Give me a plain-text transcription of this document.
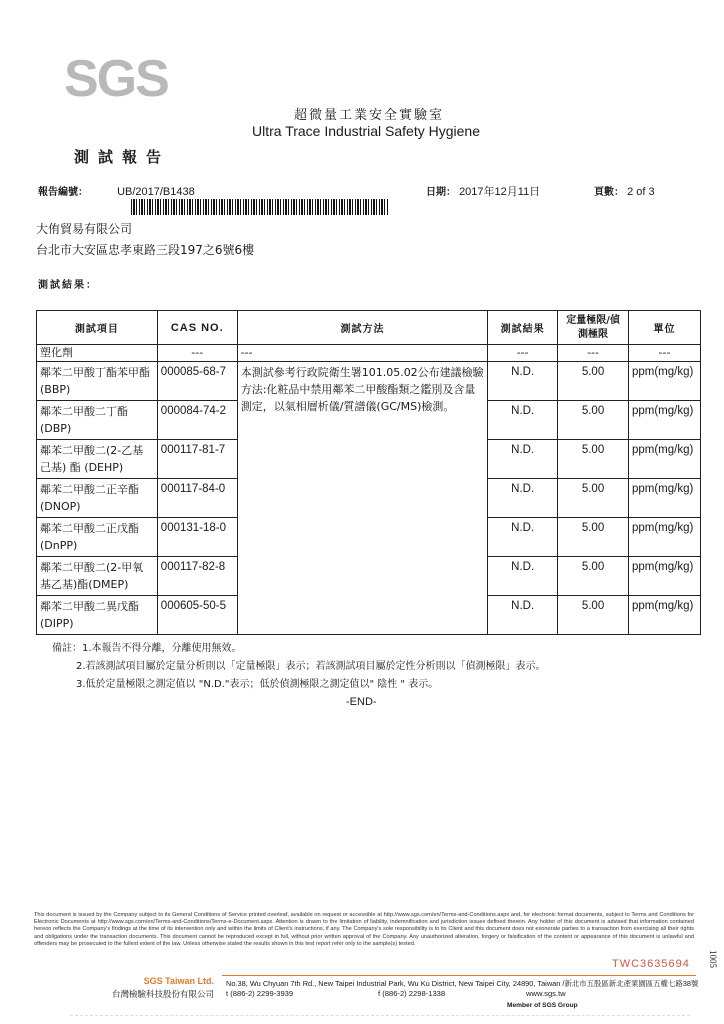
SGS
超微量工業安全實驗室
Ultra Trace Industrial Safety Hygiene
測試報告
報告編號：	UB/2017/B1438	日期： 2017年12月11日	頁數： 2 of 3
大侑貿易有限公司
台北市大安區忠孝東路三段197之6號6樓
測試結果：
測試項目	CAS NO.	測試方法	測試結果	定量極限/偵測極限	單位
塑化劑	---	---	---	---	---
鄰苯二甲酸丁酯苯甲酯(BBP)	000085-68-7	本測試參考行政院衛生署101.05.02公布建議檢驗方法:化粧品中禁用鄰苯二甲酸酯類之鑑別及含量測定，以氣相層析儀/質譜儀(GC/MS)檢測。	N.D.	5.00	ppm(mg/kg)
鄰苯二甲酸二丁酯(DBP)	000084-74-2		N.D.	5.00	ppm(mg/kg)
鄰苯二甲酸二(2-乙基己基) 酯 (DEHP)	000117-81-7		N.D.	5.00	ppm(mg/kg)
鄰苯二甲酸二正辛酯(DNOP)	000117-84-0		N.D.	5.00	ppm(mg/kg)
鄰苯二甲酸二正戊酯(DnPP)	000131-18-0		N.D.	5.00	ppm(mg/kg)
鄰苯二甲酸二(2-甲氧基乙基)酯(DMEP)	000117-82-8		N.D.	5.00	ppm(mg/kg)
鄰苯二甲酸二異戊酯(DIPP)	000605-50-5		N.D.	5.00	ppm(mg/kg)
備註：1.本報告不得分離，分離使用無效。
2.若該測試項目屬於定量分析則以「定量極限」表示；若該測試項目屬於定性分析則以「偵測極限」表示。
3.低於定量極限之測定值以 "N.D."表示；低於偵測極限之測定值以" 陰性 " 表示。
-END-
This document is issued by the Company subject to its General Conditions of Service printed overleaf, available on request or accessible at http://www.sgs.com/en/Terms-and-Conditions.aspx and, for electronic format documents, subject to Terms and Conditions for Electronic Documents at http://www.sgs.com/en/Terms-and-Conditions/Terms-e-Document.aspx. Attention is drawn to the limitation of liability, indemnification and jurisdiction issues defined therein. Any holder of this document is advised that information contained hereon reflects the Company's findings at the time of its intervention only and within the limits of Client's instructions, if any. The Company's sole responsibility is to its Client and this document does not exonerate parties to a transaction from exercising all their rights and obligations under the transaction documents. This document cannot be reproduced except in full, without prior written approval of the Company. Any unauthorized alteration, forgery or falsification of the content or appearance of this document is unlawful and offenders may be prosecuted to the fullest extent of the law. Unless otherwise stated the results shown in this test report refer only to the sample(s) tested.
TWC3635694 1005
SGS Taiwan Ltd.
台灣檢驗科技股份有限公司
No.38, Wu Chyuan 7th Rd., New Taipei Industrial Park, Wu Ku District, New Taipei City, 24890, Taiwan /新北市五股區新北產業園區五權七路38號
t (886-2) 2299-3939	f (886-2) 2298-1338	www.sgs.tw
Member of SGS Group
